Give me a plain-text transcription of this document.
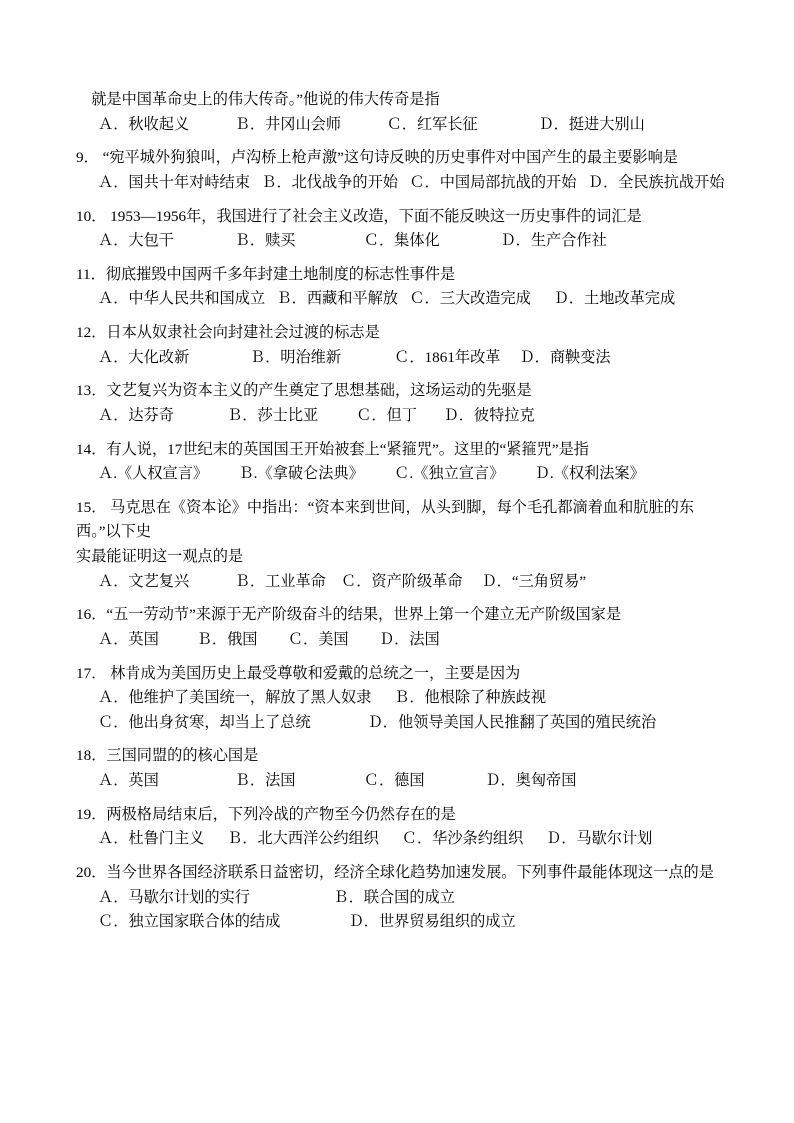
就是中国革命史上的伟大传奇。”他说的伟大传奇是指
Ａ．秋收起义            Ｂ．井冈山会师            Ｃ．红军长征                Ｄ．挺进大别山
9． “宛平城外狗狼叫，卢沟桥上枪声激”这句诗反映的历史事件对中国产生的最主要影响是
Ａ．国共十年对峙结束   Ｂ．北伐战争的开始   Ｃ．中国局部抗战的开始   Ｄ．全民族抗战开始
10． 1953—1956年，我国进行了社会主义改造，下面不能反映这一历史事件的词汇是
Ａ．大包干                Ｂ．赎买                  Ｃ．集体化                Ｄ．生产合作社
11．彻底摧毁中国两千多年封建土地制度的标志性事件是
Ａ．中华人民共和国成立   Ｂ．西藏和平解放   Ｃ．三大改造完成      Ｄ．土地改革完成
12．日本从奴隶社会向封建社会过渡的标志是
Ａ．大化改新                Ｂ．明治维新              Ｃ．1861年改革     Ｄ．商鞅变法
13．文艺复兴为资本主义的产生奠定了思想基础，这场运动的先驱是
Ａ．达芬奇              Ｂ．莎士比亚          Ｃ．但丁       Ｄ．彼特拉克
14．有人说，17世纪末的英国国王开始被套上“紧箍咒”。这里的“紧箍咒”是指
Ａ.《人权宣言》        Ｂ.《拿破仑法典》        Ｃ.《独立宣言》        Ｄ.《权利法案》
15． 马克思在《资本论》中指出：“资本来到世间，从头到脚，每个毛孔都滴着血和肮脏的东西。”以下史
实最能证明这一观点的是
Ａ．文艺复兴            Ｂ．工业革命    Ｃ．资产阶级革命     Ｄ．“三角贸易”
16．“五一劳动节”来源于无产阶级奋斗的结果，世界上第一个建立无产阶级国家是
Ａ．英国          Ｂ．俄国        Ｃ．美国        Ｄ．法国
17． 林肯成为美国历史上最受尊敬和爱戴的总统之一，主要是因为
Ａ．他维护了美国统一，解放了黑人奴隶      Ｂ．他根除了种族歧视
Ｃ．他出身贫寒，却当上了总统               Ｄ．他领导美国人民推翻了英国的殖民统治
18．三国同盟的的核心国是
Ａ．英国                    Ｂ．法国                  Ｃ．德国                Ｄ．奥匈帝国
19．两极格局结束后，下列冷战的产物至今仍然存在的是
Ａ．杜鲁门主义      Ｂ．北大西洋公约组织      Ｃ．华沙条约组织      Ｄ．马歇尔计划
20．当今世界各国经济联系日益密切，经济全球化趋势加速发展。下列事件最能体现这一点的是
Ａ．马歇尔计划的实行                      Ｂ．联合国的成立
Ｃ．独立国家联合体的结成                  Ｄ．世界贸易组织的成立
